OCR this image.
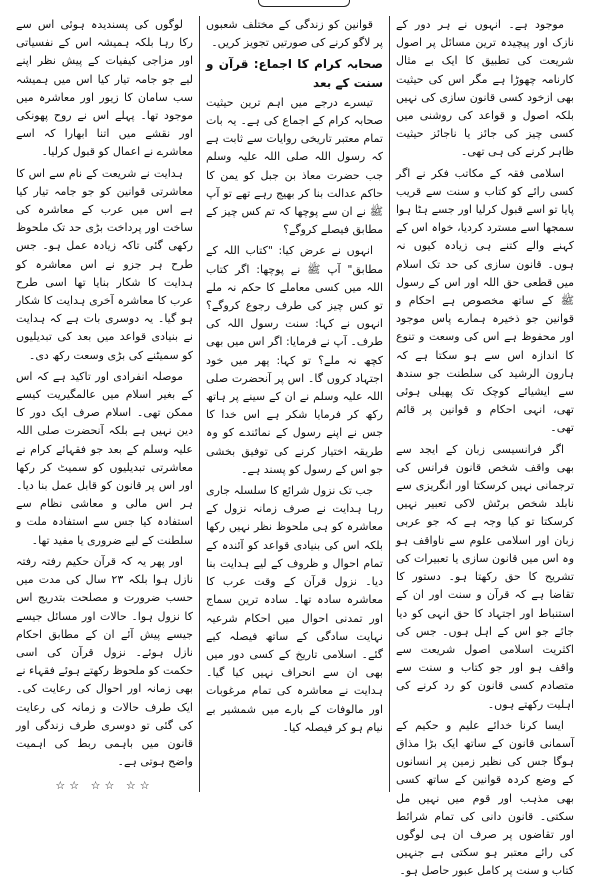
موجود ہے۔ انہوں نے ہر دور کے نازک اور پیچیدہ ترین مسائل پر اصول شریعت کی تطبیق کا ایک بے مثال کارنامہ چھوڑا ہے مگر اس کی حیثیت بھی ازخود کسی قانون سازی کی نہیں بلکہ اصول و قواعد کی روشنی میں کسی چیز کی جائز یا ناجائز حیثیت ظاہر کرنے کی ہی تھی۔

اسلامی فقہ کے مکاتب فکر نے اگر کسی رائے کو کتاب و سنت سے قریب پایا تو اسے قبول کرلیا اور جسے ہٹا ہوا سمجھا اسے مسترد کردیا، خواہ اس کے کہنے والے کتنے ہی زیادہ کیوں نہ ہوں۔ قانون سازی کی حد تک اسلام میں قطعی حق اللہ اور اس کے رسول ﷺ کے ساتھ مخصوص ہے احکام و قوانین جو ذخیرہ ہمارے پاس موجود اور محفوظ ہے اس کی وسعت و تنوع کا اندازہ اس سے ہو سکتا ہے کہ ہارون الرشید کی سلطنت جو سندھ سے ایشیائے کوچک تک پھیلی ہوئی تھی، انہی احکام و قوانین پر قائم تھی۔

اگر فرانسیسی زبان کے ایجد سے بھی واقف شخص قانون فرانس کی ترجمانی نہیں کرسکتا اور انگریزی سے نابلد شخص برٹش لاکی تعبیر نہیں کرسکتا تو کیا وجہ ہے کہ جو عربی زبان اور اسلامی علوم سے ناواقف ہو وہ اس میں قانون سازی یا تعبیرات کی تشریح کا حق رکھتا ہو۔ دستور کا تقاضا ہے کہ قرآن و سنت اور ان کے استنباط اور اجتہاد کا حق انہی کو دیا جائے جو اس کے اہل ہوں۔ جس کی اکثریت اسلامی اصول شریعت سے واقف ہو اور جو کتاب و سنت سے متصادم کسی قانون کو رد کرنے کی اہلیت رکھتے ہوں۔

ایسا کرنا خدائے علیم و حکیم کے آسمانی قانون کے ساتھ ایک بڑا مذاق ہوگا جس کی نظیر زمین پر انسانوں کے وضع کردہ قوانین کے ساتھ کسی بھی مذہب اور قوم میں نہیں مل سکتی۔ قانون دانی کی تمام شرائط اور تقاضوں پر صرف ان ہی لوگوں کی رائے معتبر ہو سکتی ہے جنہیں کتاب و سنت پر کامل عبور حاصل ہو۔

قوانین کو زندگی کے مختلف شعبوں پر لاگو کرنے کی صورتیں تجویز کریں۔

صحابہ کرام کا اجماع: قرآن و سنت کے بعد

تیسرے درجے میں اہم ترین حیثیت صحابہ کرام کے اجماع کی ہے۔ یہ بات تمام معتبر تاریخی روایات سے ثابت ہے کہ رسول اللہ صلی اللہ علیہ وسلم جب حضرت معاذ بن جبل کو یمن کا حاکم عدالت بنا کر بھیج رہے تھے تو آپ ﷺ نے ان سے پوچھا کہ تم کس چیز کے مطابق فیصلے کروگے؟

انہوں نے عرض کیا: "کتاب اللہ کے مطابق" آپ ﷺ نے پوچھا: اگر کتاب اللہ میں کسی معاملے کا حکم نہ ملے تو کس چیز کی طرف رجوع کروگے؟ انہوں نے کہا: سنت رسول اللہ کی طرف۔ آپ نے فرمایا: اگر اس میں بھی کچھ نہ ملے؟ تو کہا: پھر میں خود اجتہاد کروں گا۔ اس پر آنحضرت صلی اللہ علیہ وسلم نے ان کے سینے پر ہاتھ رکھ کر فرمایا شکر ہے اس خدا کا جس نے اپنے رسول کے نمائندے کو وہ طریقہ اختیار کرنے کی توفیق بخشی جو اس کے رسول کو پسند ہے۔

جب تک نزول شرائع کا سلسلہ جاری رہا ہدایت نے صرف زمانہ نزول کے معاشرہ کو ہی ملحوظ نظر نہیں رکھا بلکہ اس کی بنیادی قواعد کو آئندہ کے تمام احوال و ظروف کے لیے ہدایت بنا دیا۔ نزول قرآن کے وقت عرب کا معاشرہ سادہ تھا۔ سادہ ترین سماج اور تمدنی احوال میں احکام شرعیہ نہایت سادگی کے ساتھ فیصلہ کیے گئے۔ اسلامی تاریخ کے کسی دور میں بھی ان سے انحراف نہیں کیا گیا۔ ہدایت نے معاشرہ کی تمام مرغوبات اور مالوفات کے بارے میں شمشیر بے نیام ہو کر فیصلہ کیا۔

لوگوں کی پسندیدہ ہوئی اس سے رکا رہا بلکہ ہمیشہ اس کے نفسیاتی اور مزاجی کیفیات کے پیش نظر اپنے لیے جو جامہ تیار کیا اس میں ہمیشہ سب سامان کا زیور اور معاشرہ میں موجود تھا۔ پہلے اس نے روح پھونکی اور نقشے میں اتنا ابھارا کہ اسے معاشرے نے اعمال کو قبول کرلیا۔

ہدایت نے شریعت کے نام سے اس کا معاشرتی قوانین کو جو جامہ تیار کیا ہے اس میں عرب کے معاشرہ کی ساخت اور پرداخت بڑی حد تک ملحوظ رکھی گئی تاکہ زیادہ عمل ہو۔ جس طرح ہر جزو نے اس معاشرہ کو ہدایت کا شکار بنایا تھا اسی طرح عرب کا معاشرہ آخری ہدایت کا شکار ہو گیا۔ یہ دوسری بات ہے کہ ہدایت نے بنیادی قواعد میں بعد کی تبدیلیوں کو سمیٹنے کی بڑی وسعت رکھ دی۔

موصلہ انفرادی اور تاکید ہے کہ اس کے بغیر اسلام میں عالمگیریت کیسے ممکن تھی۔ اسلام صرف ایک دور کا دین نہیں ہے بلکہ آنحضرت صلی اللہ علیہ وسلم کے بعد جو فقہائے کرام نے معاشرتی تبدیلیوں کو سمیٹ کر رکھا اور اس پر قانون کو قابل عمل بنا دیا۔ ہر اس مالی و معاشی نظام سے استفادہ کیا جس سے استفادہ ملت و سلطنت کے لیے ضروری یا مفید تھا۔

اور پھر یہ کہ قرآن حکیم رفتہ رفتہ نازل ہوا بلکہ ۲۳ سال کی مدت میں حسب ضرورت و مصلحت بتدریج اس کا نزول ہوا۔ حالات اور مسائل جیسے جیسے پیش آئے ان کے مطابق احکام نازل ہوئے۔ نزول قرآن کی اسی حکمت کو ملحوظ رکھتے ہوئے فقہاء نے بھی زمانہ اور احوال کی رعایت کی۔ ایک طرف حالات و زمانہ کی رعایت کی گئی تو دوسری طرف زندگی اور قانون میں باہمی ربط کی اہمیت واضح ہوتی ہے۔

☆☆ ☆☆ ☆☆
